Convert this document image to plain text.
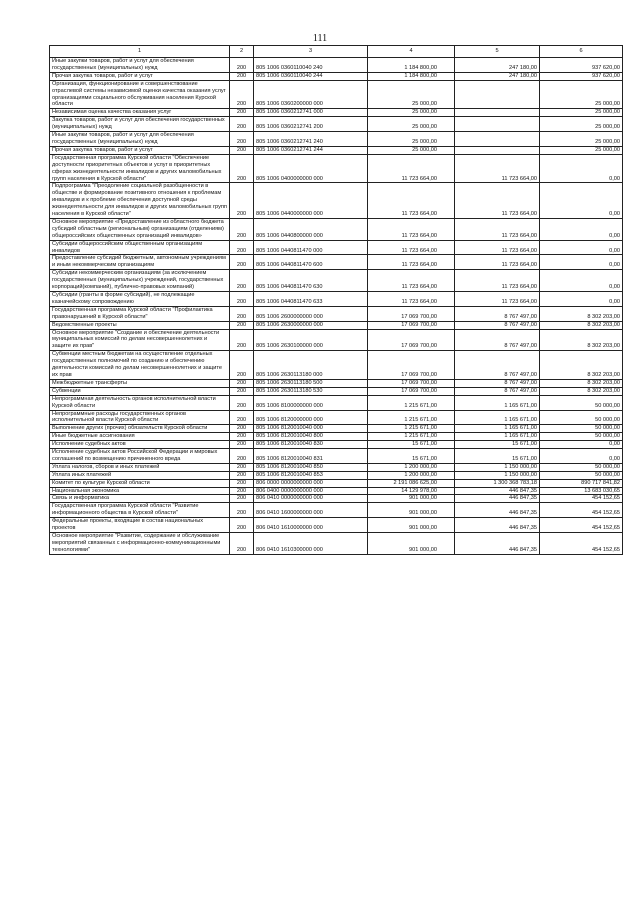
111
1	2	3	4	5	6
Иные закупки товаров, работ и услуг для обеспечения государственных (муниципальных) нужд	200	805 1006 0360110040 240	1 184 800,00	247 180,00	937 620,00
Прочая закупка товаров, работ и услуг	200	805 1006 0360110040 244	1 184 800,00	247 180,00	937 620,00
Организация, функционирование и совершенствование отраслевой системы независимой оценки качества оказания услуг организациями социального обслуживания населения Курской области	200	805 1006 0360200000 000	25 000,00		25 000,00
Независимая оценка качества оказания услуг	200	805 1006 0360212741 000	25 000,00		25 000,00
Закупка товаров, работ и услуг для обеспечения государственных (муниципальных) нужд	200	805 1006 0360212741 200	25 000,00		25 000,00
Иные закупки товаров, работ и услуг для обеспечения государственных (муниципальных) нужд	200	805 1006 0360212741 240	25 000,00		25 000,00
Прочая закупка товаров, работ и услуг	200	805 1006 0360212741 244	25 000,00		25 000,00
Государственная программа Курской области "Обеспечение доступности приоритетных объектов и услуг в приоритетных сферах жизнедеятельности инвалидов и других маломобильных групп населения в Курской области"	200	805 1006 0400000000 000	11 723 664,00	11 723 664,00	0,00
Подпрограмма "Преодоление социальной разобщенности в обществе и формирование позитивного отношения к проблемам инвалидов и к проблеме обеспечения доступной среды жизнедеятельности для инвалидов и других маломобильных групп населения в Курской области"	200	805 1006 0440000000 000	11 723 664,00	11 723 664,00	0,00
Основное мероприятие «Предоставление из областного бюджета субсидий областным (региональным) организациям (отделениям) общероссийских общественных организаций инвалидов»	200	805 1006 0440800000 000	11 723 664,00	11 723 664,00	0,00
Субсидии общероссийским общественным организациям инвалидов	200	805 1006 0440811470 000	11 723 664,00	11 723 664,00	0,00
Предоставление субсидий бюджетным, автономным учреждениям и иным некоммерческим организациям	200	805 1006 0440811470 600	11 723 664,00	11 723 664,00	0,00
Субсидии некоммерческим организациям (за исключением государственных (муниципальных) учреждений, государственных корпораций(компаний), публично-правовых компаний)	200	805 1006 0440811470 630	11 723 664,00	11 723 664,00	0,00
Субсидии (гранты в форме субсидий), не подлежащие казначейскому сопровождению	200	805 1006 0440811470 633	11 723 664,00	11 723 664,00	0,00
Государственная программа Курской области "Профилактика правонарушений в Курской области"	200	805 1006 2600000000 000	17 069 700,00	8 767 497,00	8 302 203,00
Ведомственные проекты	200	805 1006 2630000000 000	17 069 700,00	8 767 497,00	8 302 203,00
Основное мероприятие "Создание и обеспечение деятельности муниципальных комиссий по делам несовершеннолетних и защите их прав"	200	805 1006 2630100000 000	17 069 700,00	8 767 497,00	8 302 203,00
Субвенции местным бюджетам на осуществление отдельных государственных полномочий по созданию и обеспечению деятельности комиссий по делам несовершеннолетних и защите их прав	200	805 1006 2630113180 000	17 069 700,00	8 767 497,00	8 302 203,00
Межбюджетные трансферты	200	805 1006 2630113180 500	17 069 700,00	8 767 497,00	8 302 203,00
Субвенции	200	805 1006 2630113180 530	17 069 700,00	8 767 497,00	8 302 203,00
Непрограммная деятельность органов исполнительной власти Курской области	200	805 1006 8100000000 000	1 215 671,00	1 165 671,00	50 000,00
Непрограммные расходы государственных органов исполнительной власти Курской области	200	805 1006 8120000000 000	1 215 671,00	1 165 671,00	50 000,00
Выполнение других (прочих) обязательств Курской области	200	805 1006 8120010040 000	1 215 671,00	1 165 671,00	50 000,00
Иные бюджетные ассигнования	200	805 1006 8120010040 800	1 215 671,00	1 165 671,00	50 000,00
Исполнение судебных актов	200	805 1006 8120010040 830	15 671,00	15 671,00	0,00
Исполнение судебных актов Российской Федерации и мировых соглашений по возмещению причиненного вреда	200	805 1006 8120010040 831	15 671,00	15 671,00	0,00
Уплата налогов, сборов и иных платежей	200	805 1006 8120010040 850	1 200 000,00	1 150 000,00	50 000,00
Уплата иных платежей	200	805 1006 8120010040 853	1 200 000,00	1 150 000,00	50 000,00
Комитет по культуре Курской области	200	806 0000 0000000000 000	2 191 086 625,00	1 300 368 783,18	890 717 841,82
Национальная экономика	200	806 0400 0000000000 000	14 129 978,00	446 847,35	13 683 030,65
Связь и информатика	200	806 0410 0000000000 000	901 000,00	446 847,35	454 152,65
Государственная программа Курской области "Развитие информационного общества в Курской области"	200	806 0410 1600000000 000	901 000,00	446 847,35	454 152,65
Федеральные проекты, входящие в состав национальных проектов	200	806 0410 1610000000 000	901 000,00	446 847,35	454 152,65
Основное мероприятие "Развитие, содержание и обслуживание мероприятий связанных с информационно-коммуникационными технологиями"	200	806 0410 1610300000 000	901 000,00	446 847,35	454 152,65
